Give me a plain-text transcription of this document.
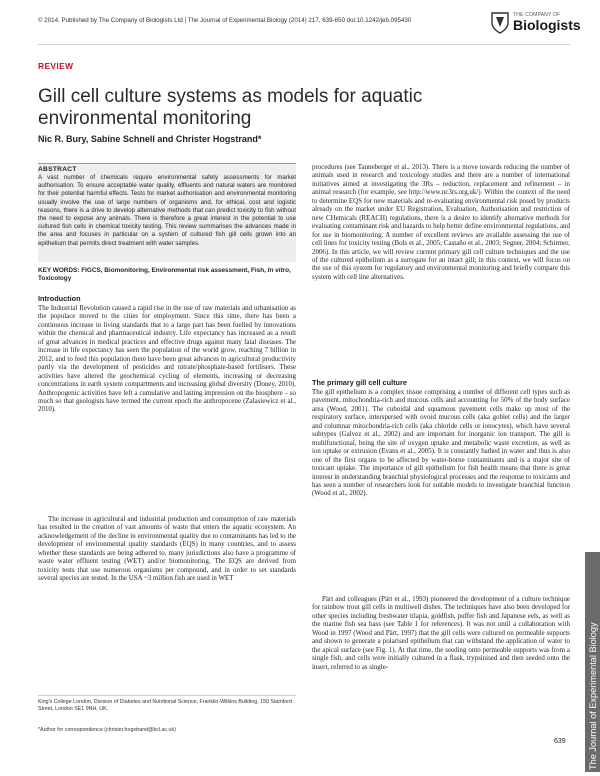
© 2014. Published by The Company of Biologists Ltd | The Journal of Experimental Biology (2014) 217, 639-650 doi:10.1242/jeb.095430
THE COMPANY OF
Biologists
REVIEW
Gill cell culture systems as models for aquatic environmental monitoring
Nic R. Bury, Sabine Schnell and Christer Hogstrand*
ABSTRACT
A vast number of chemicals require environmental safety assessments for market authorisation. To ensure acceptable water quality, effluents and natural waters are monitored for their potential harmful effects. Tests for market authorisation and environmental monitoring usually involve the use of large numbers of organisms and, for ethical, cost and logistic reasons, there is a drive to develop alternative methods that can predict toxicity to fish without the need to expose any animals. There is therefore a great interest in the potential to use cultured fish cells in chemical toxicity testing. This review summarises the advances made in the area and focuses in particular on a system of cultured fish gill cells grown into an epithelium that permits direct treatment with water samples.
KEY WORDS: FIGCS, Biomonitoring, Environmental risk assessment, Fish, In vitro, Toxicology
Introduction

The Industrial Revolution caused a rapid rise in the use of raw materials and urbanisation as the populace moved to the cities for employment. Since this time, there has been a continuous increase in living standards that to a large part has been fuelled by innovations within the chemical and pharmaceutical industry. Life expectancy has increased as a result of great advances in medical practices and effective drugs against many fatal diseases. The increase in life expectancy has seen the population of the world grow, reaching 7 billion in 2012, and to feed this population there have been great advances in agricultural productivity partly via the development of pesticides and nitrate/phosphate-based fertilisers. These activities have altered the geochemical cycling of elements, increasing or decreasing concentrations in earth system compartments and increasing global diversity (Doney, 2010). Anthropogenic activities have left a cumulative and lasting impression on the biosphere – so much so that geologists have termed the current epoch the anthropocene (Zalasiewicz et al., 2010).

The increase in agricultural and industrial production and consumption of raw materials has resulted in the creation of vast amounts of waste that enters the aquatic ecosystem. An acknowledgement of the decline in environmental quality due to contaminants has led to the development of environmental quality standards (EQS) in many countries, and to assess whether these standards are being adhered to, many jurisdictions also have a programme of waste water effluent testing (WET) and/or biomonitoring. The EQS are derived from toxicity tests that use numerous organisms per compound, and in order to set standards several species are tested. In the USA ~3 million fish are used in WET

King's College London, Division of Diabetes and Nutritional Science, Franklin-Wilkins Building, 150 Stamford Street, London SE1 9NH, UK.
*Author for correspondence (christer.hogstrand@kcl.ac.uk)

procedures (see Tanneberger et al., 2013). There is a move towards reducing the number of animals used in research and toxicology studies and there are a number of international initiatives aimed at investigating the 3Rs – reduction, replacement and refinement – in animal research (for example, see http://www.nc3rs.org.uk/). Within the context of the need to determine EQS for new materials and re-evaluating environmental risk posed by products already on the market under EU Registration, Evaluation, Authorisation and restriction of new CHemicals (REACH) regulations, there is a desire to identify alternative methods for evaluating contaminant risk and hazards to help better define environmental regulations, and for use in biomonitoring. A number of excellent reviews are available assessing the use of cell lines for toxicity testing (Bols et al., 2005; Castaño et al., 2003; Segner, 2004; Schirmer, 2006). In this article, we will review current primary gill cell culture techniques and the use of the cultured epithelium as a surrogate for an intact gill; in this context, we will focus on the use of this system for regulatory and environmental monitoring and briefly compare this system with cell line alternatives.

The primary gill cell culture

The gill epithelium is a complex tissue comprising a number of different cell types such as pavement, mitochondria-rich and mucous cells and accounting for 50% of the body surface area (Wood, 2001). The cuboidal and squamous pavement cells make up most of the respiratory surface, interspersed with ovoid mucous cells (aka goblet cells) and the larger and columnar mitochondria-rich cells (aka chloride cells or ionocytes), which have several subtypes (Galvez et al., 2002) and are important for inorganic ion transport. The gill is multifunctional, being the site of oxygen uptake and metabolic waste excretion, as well as ion uptake or extrusion (Evans et al., 2005). It is constantly bathed in water and thus is also one of the first organs to be affected by water-borne contaminants and is a major site of toxicant uptake. The importance of gill epithelium for fish health means that there is great interest in understanding branchial physiological processes and the response to toxicants and has seen a number of researchers look for suitable models to investigate branchial function (Wood et al., 2002).

Pärt and colleagues (Pärt et al., 1993) pioneered the development of a culture technique for rainbow trout gill cells in multiwell dishes. The techniques have also been developed for other species including freshwater tilapia, goldfish, puffer fish and Japanese eels, as well as the marine fish sea bass (see Table 1 for references). It was not until a collaboration with Wood in 1997 (Wood and Pärt, 1997) that the gill cells were cultured on permeable supports and shown to generate a polarised epithelium that can withstand the application of water to the apical surface (see Fig. 1). At that time, the seeding onto permeable supports was from a single fish, and cells were initially cultured in a flask, trypsinised and then seeded onto the insert, referred to as single-	The Journal of Experimental Biology
639
